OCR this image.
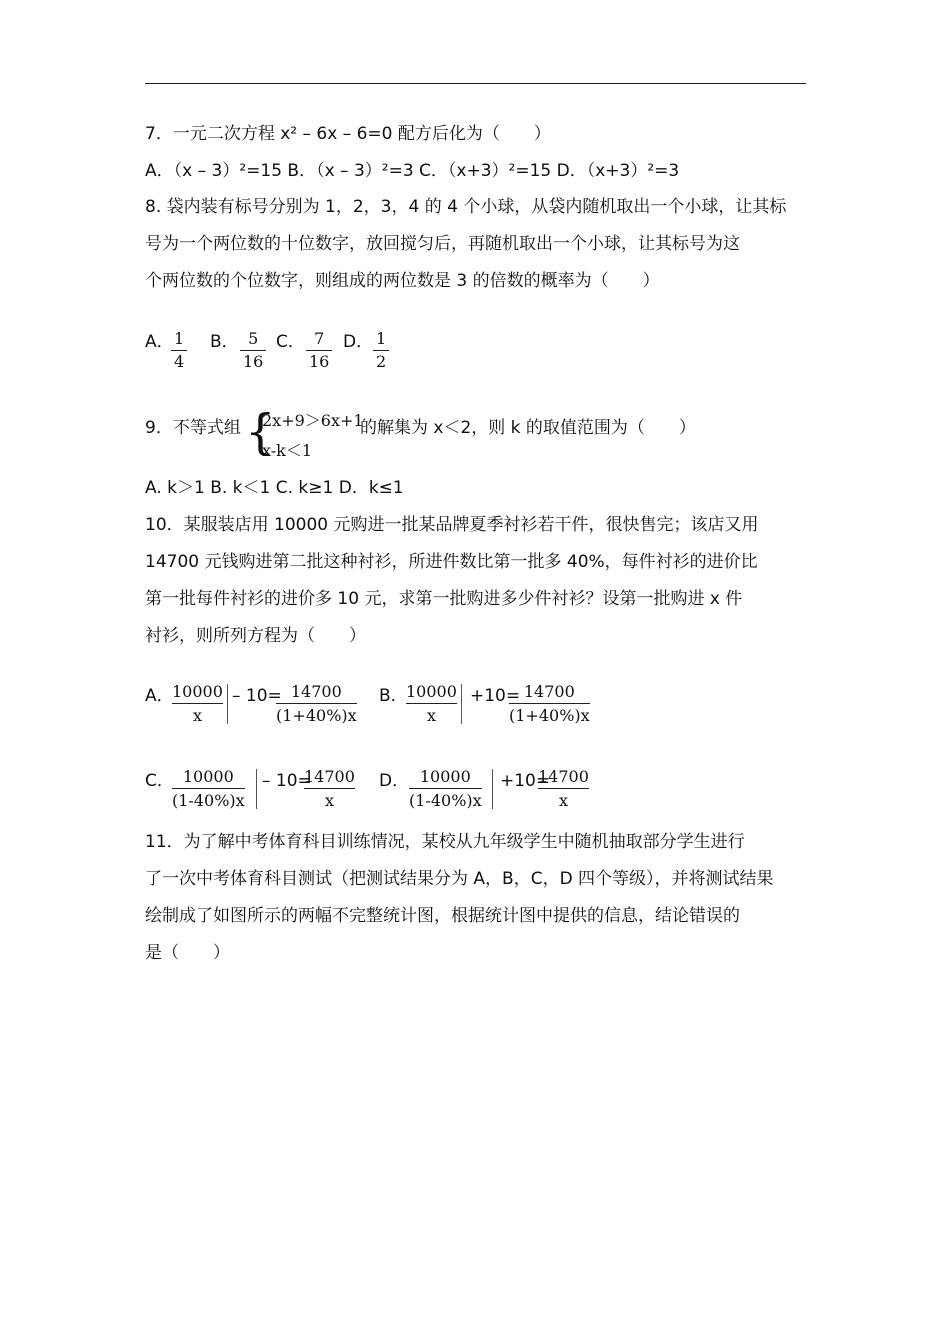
7．一元二次方程 x² – 6x – 6=0 配方后化为（　　）
A．（x – 3）²=15 B．（x – 3）²=3 C．（x+3）²=15 D．（x+3）²=3
8. 袋内装有标号分别为 1，2，3，4 的 4 个小球，从袋内随机取出一个小球，让其标
号为一个两位数的十位数字，放回搅匀后，再随机取出一个小球，让其标号为这
个两位数的个位数字，则组成的两位数是 3 的倍数的概率为（　　）
A． 1
4
B． 5
16
C． 7
16
D． 1
2
9．不等式组 {
2x+9＞6x+1
x-k＜1
的解集为 x＜2，则 k 的取值范围为（　　）
A. k＞1 B. k＜1 C. k≥1 D．k≤1
10．某服装店用 10000 元购进一批某品牌夏季衬衫若干件，很快售完；该店又用
14700 元钱购进第二批这种衬衫，所进件数比第一批多 40%，每件衬衫的进价比
第一批每件衬衫的进价多 10 元，求第一批购进多少件衬衫？设第一批购进 x 件
衬衫，则所列方程为（　　）
A．
10000
x
– 10= 14700
(1+40%)x
B．
10000
x
+10= 14700
(1+40%)x
C． 10000
(1-40%)x
– 10=
14700
x
D． 10000
(1-40%)x
+10=
14700
x
11．为了解中考体育科目训练情况，某校从九年级学生中随机抽取部分学生进行
了一次中考体育科目测试（把测试结果分为 A，B，C，D 四个等级），并将测试结果
绘制成了如图所示的两幅不完整统计图，根据统计图中提供的信息，结论错误的
是（　　）
